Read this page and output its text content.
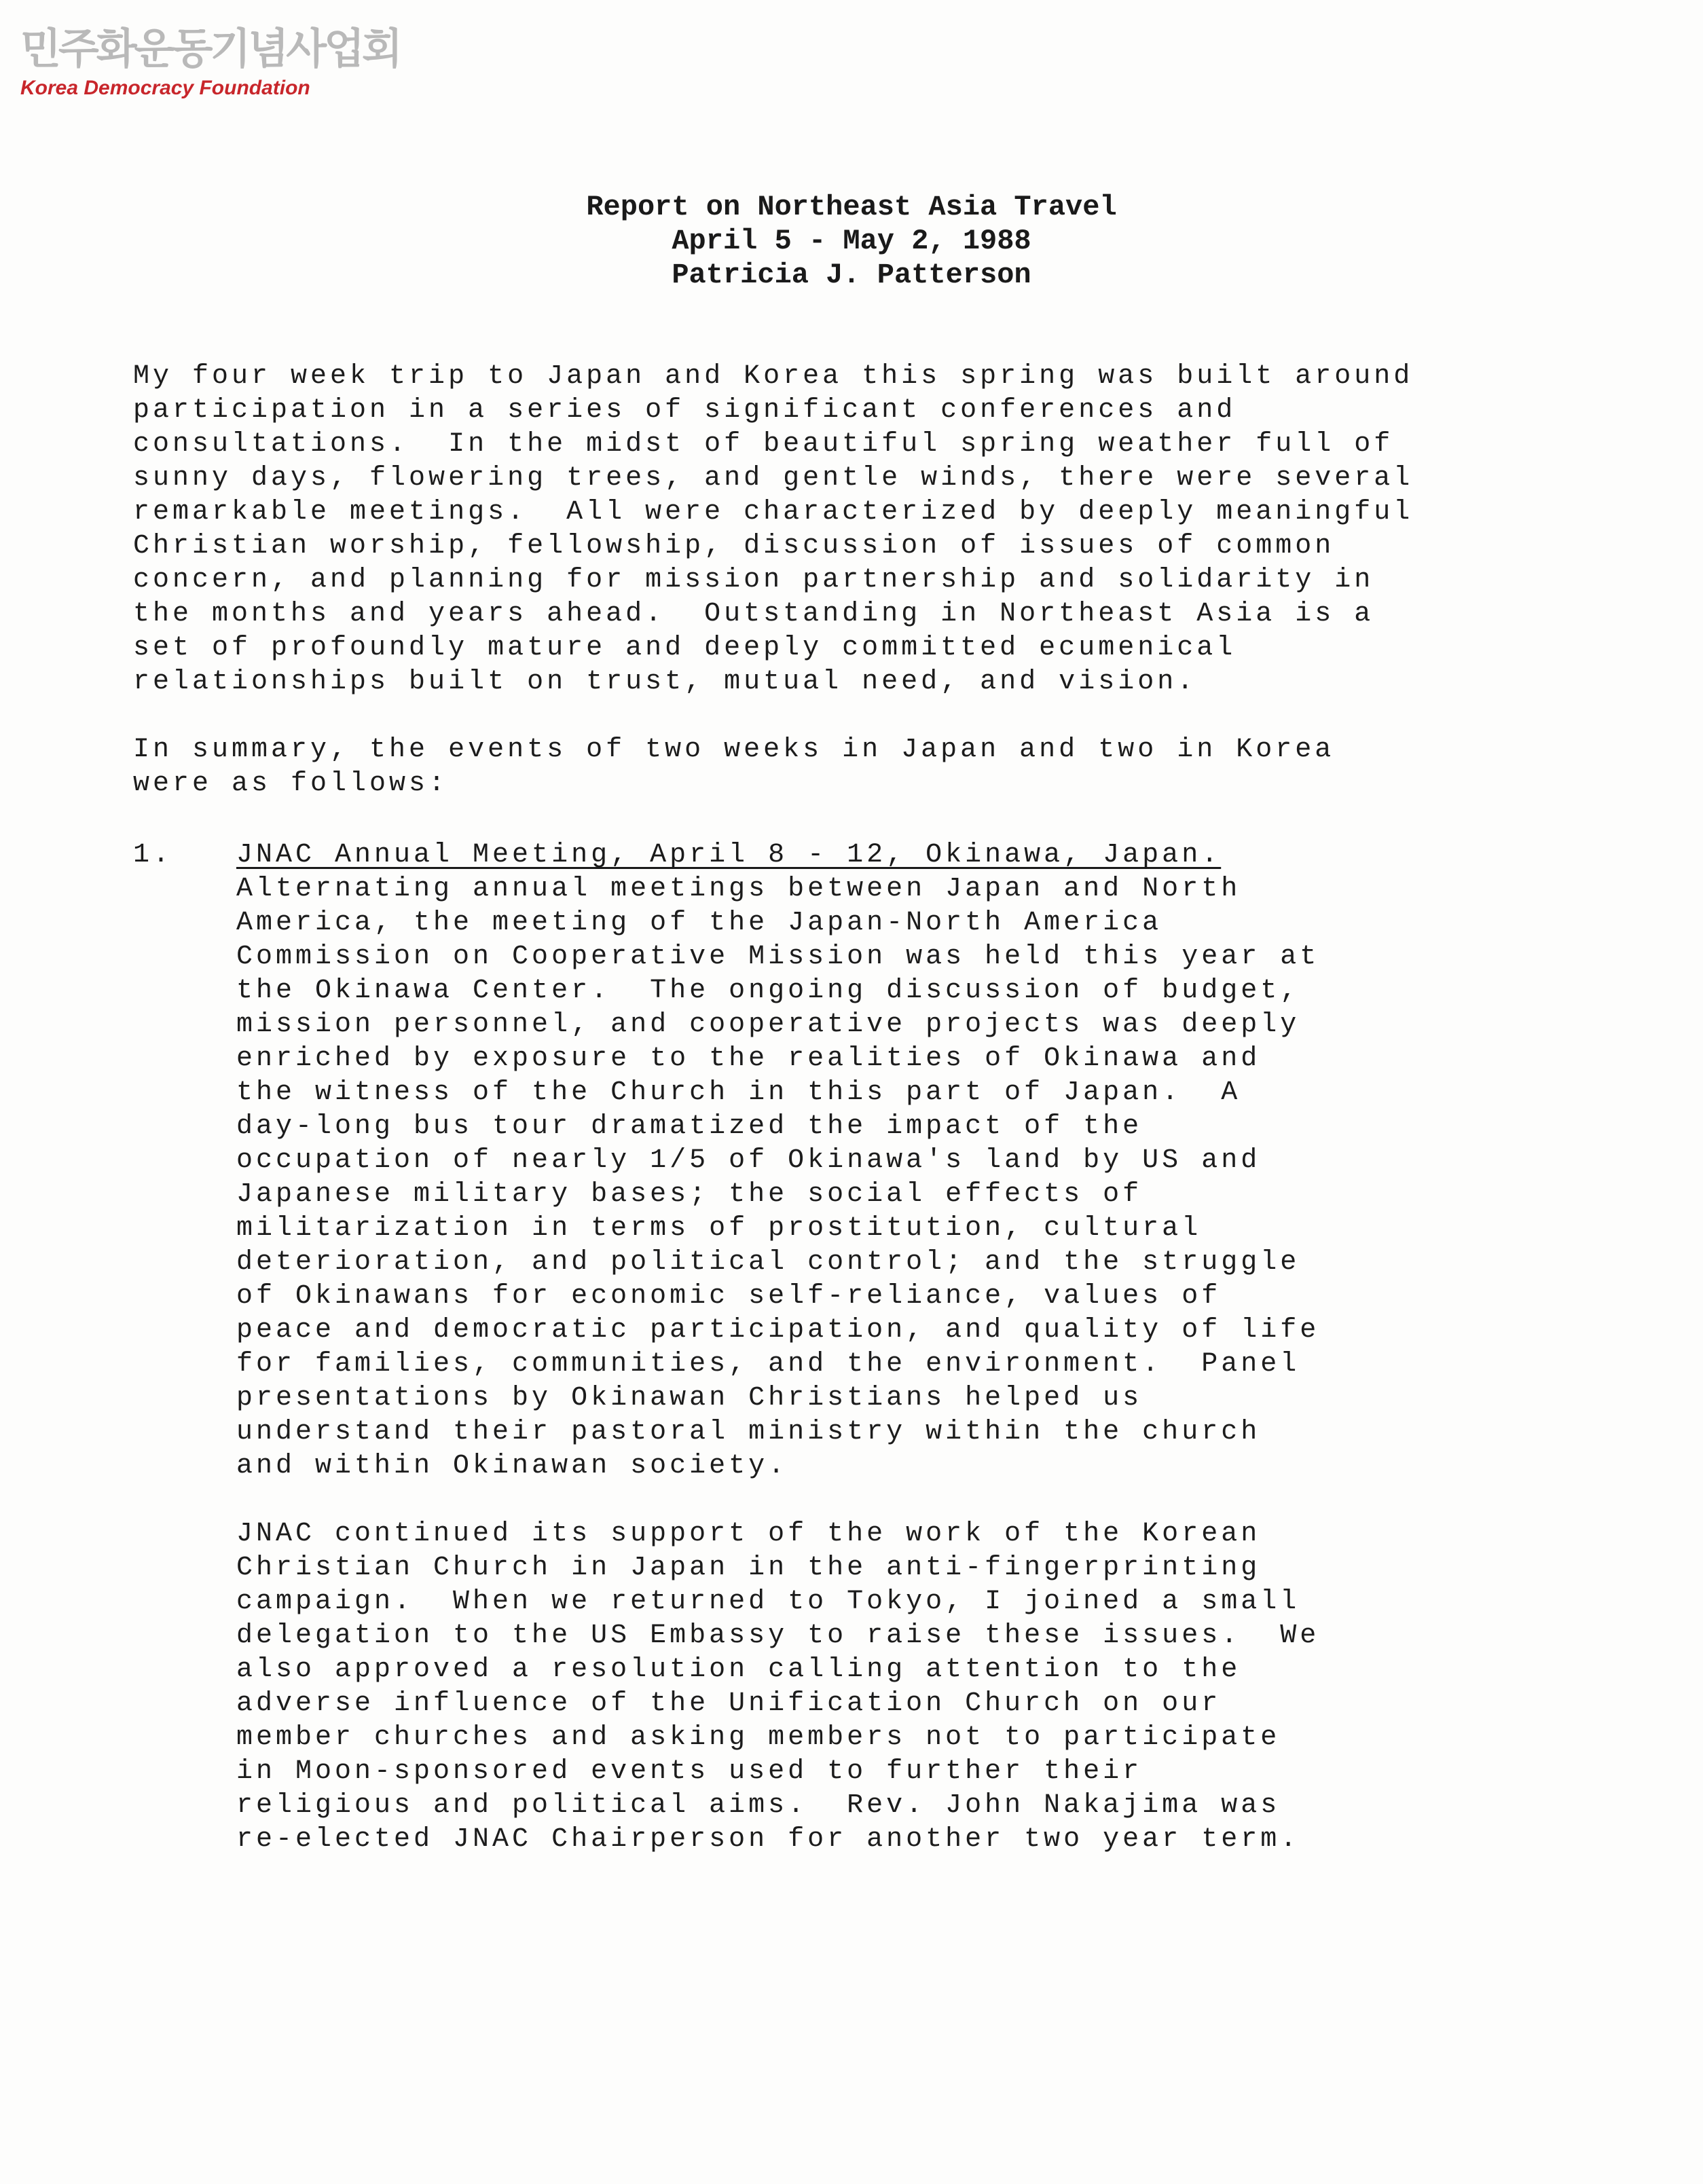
민주화운동기념사업회
Korea Democracy Foundation
Report on Northeast Asia Travel
April 5 - May 2, 1988
Patricia J. Patterson

My four week trip to Japan and Korea this spring was built around
participation in a series of significant conferences and
consultations.  In the midst of beautiful spring weather full of
sunny days, flowering trees, and gentle winds, there were several
remarkable meetings.  All were characterized by deeply meaningful
Christian worship, fellowship, discussion of issues of common
concern, and planning for mission partnership and solidarity in
the months and years ahead.  Outstanding in Northeast Asia is a
set of profoundly mature and deeply committed ecumenical
relationships built on trust, mutual need, and vision.

In summary, the events of two weeks in Japan and two in Korea
were as follows:

1. JNAC Annual Meeting, April 8 - 12, Okinawa, Japan.

Alternating annual meetings between Japan and North
America, the meeting of the Japan-North America
Commission on Cooperative Mission was held this year at
the Okinawa Center.  The ongoing discussion of budget,
mission personnel, and cooperative projects was deeply
enriched by exposure to the realities of Okinawa and
the witness of the Church in this part of Japan.  A
day-long bus tour dramatized the impact of the
occupation of nearly 1/5 of Okinawa's land by US and
Japanese military bases; the social effects of
militarization in terms of prostitution, cultural
deterioration, and political control; and the struggle
of Okinawans for economic self-reliance, values of
peace and democratic participation, and quality of life
for families, communities, and the environment.  Panel
presentations by Okinawan Christians helped us
understand their pastoral ministry within the church
and within Okinawan society.

JNAC continued its support of the work of the Korean
Christian Church in Japan in the anti-fingerprinting
campaign.  When we returned to Tokyo, I joined a small
delegation to the US Embassy to raise these issues.  We
also approved a resolution calling attention to the
adverse influence of the Unification Church on our
member churches and asking members not to participate
in Moon-sponsored events used to further their
religious and political aims.  Rev. John Nakajima was
re-elected JNAC Chairperson for another two year term.
